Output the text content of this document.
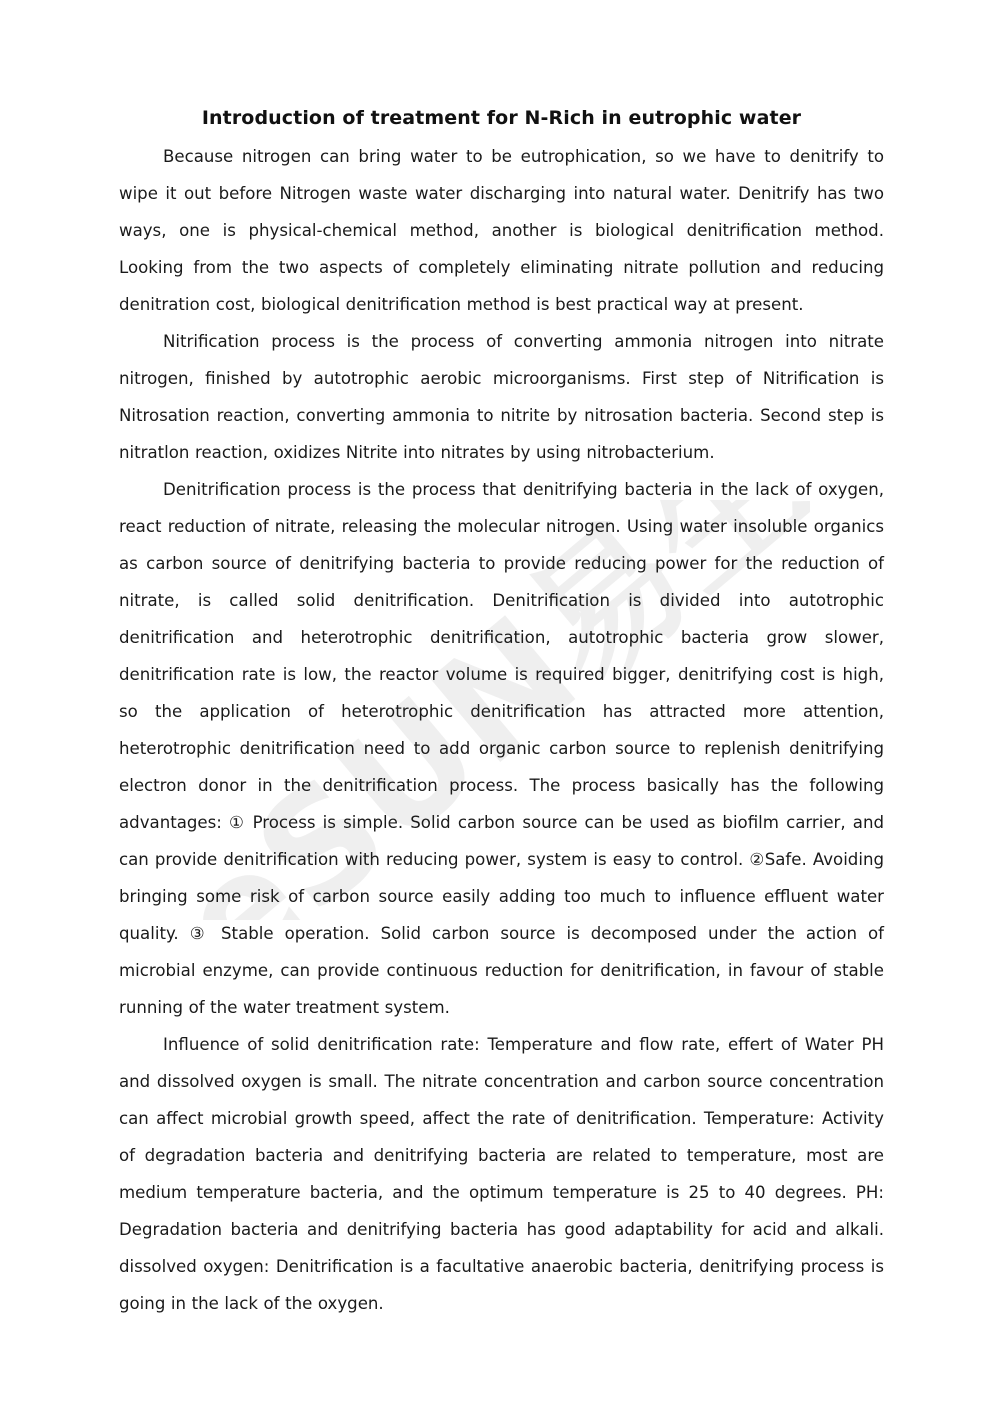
eSUN易生
Introduction of treatment for N-Rich in eutrophic water

Because nitrogen can bring water to be eutrophication, so we have to denitrify to wipe it out before Nitrogen waste water discharging into natural water. Denitrify has two ways, one is physical-chemical method, another is biological denitrification method. Looking from the two aspects of completely eliminating nitrate pollution and reducing denitration cost, biological denitrification method is best practical way at present.

Nitrification process is the process of converting ammonia nitrogen into nitrate nitrogen, finished by autotrophic aerobic microorganisms. First step of Nitrification is Nitrosation reaction, converting ammonia to nitrite by nitrosation bacteria. Second step is nitratlon reaction, oxidizes Nitrite into nitrates by using nitrobacterium.

Denitrification process is the process that denitrifying bacteria in the lack of oxygen, react reduction of nitrate, releasing the molecular nitrogen. Using water insoluble organics as carbon source of denitrifying bacteria to provide reducing power for the reduction of nitrate, is called solid denitrification. Denitrification is divided into autotrophic denitrification and heterotrophic denitrification, autotrophic bacteria grow slower, denitrification rate is low, the reactor volume is required bigger, denitrifying cost is high, so the application of heterotrophic denitrification has attracted more attention, heterotrophic denitrification need to add organic carbon source to replenish denitrifying electron donor in the denitrification process. The process basically has the following advantages: ① Process is simple. Solid carbon source can be used as biofilm carrier, and can provide denitrification with reducing power, system is easy to control. ②Safe. Avoiding bringing some risk of carbon source easily adding too much to influence effluent water quality. ③ Stable operation. Solid carbon source is decomposed under the action of microbial enzyme, can provide continuous reduction for denitrification, in favour of stable running of the water treatment system.

Influence of solid denitrification rate: Temperature and flow rate, effert of Water PH and dissolved oxygen is small. The nitrate concentration and carbon source concentration can affect microbial growth speed, affect the rate of denitrification. Temperature: Activity of degradation bacteria and denitrifying bacteria are related to temperature, most are medium temperature bacteria, and the optimum temperature is 25 to 40 degrees. PH: Degradation bacteria and denitrifying bacteria has good adaptability for acid and alkali. dissolved oxygen: Denitrification is a facultative anaerobic bacteria, denitrifying process is going in the lack of the oxygen.
